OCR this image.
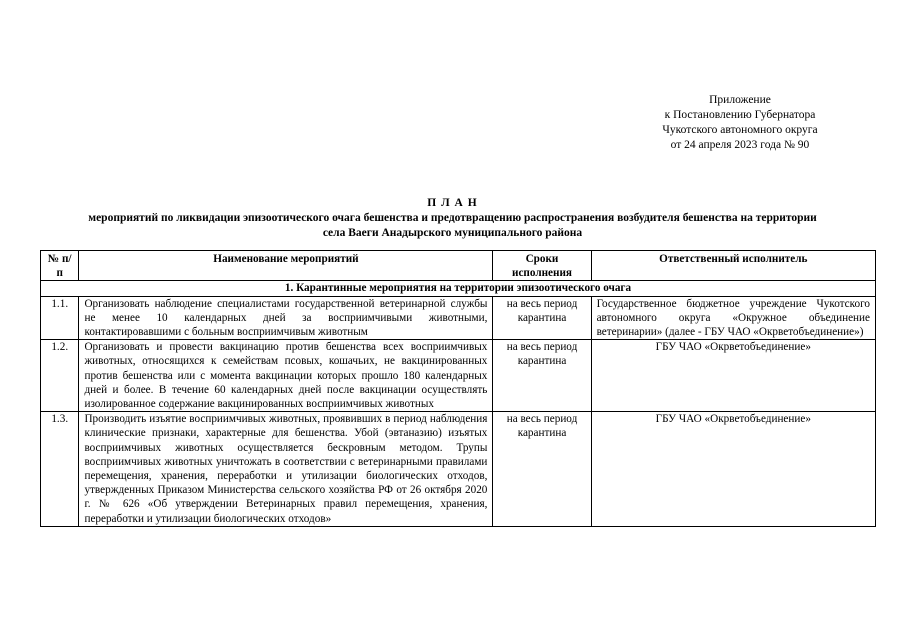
Приложение
к Постановлению Губернатора
Чукотского автономного округа
от 24 апреля 2023 года № 90
П Л А Н
мероприятий по ликвидации эпизоотического очага бешенства и предотвращению распространения возбудителя бешенства на территории
села Ваеги Анадырского муниципального района
№ п/п	Наименование мероприятий	Сроки исполнения	Ответственный исполнитель
1. Карантинные мероприятия на территории эпизоотического очага			
1.1.	Организовать наблюдение специалистами государственной ветеринарной службы не менее 10 календарных дней за восприимчивыми животными, контактировавшими с больным восприимчивым животным	на весь период карантина	Государственное бюджетное учреждение Чукотского автономного округа «Окружное объединение ветеринарии» (далее - ГБУ ЧАО «Окрветобъединение»)
1.2.	Организовать и провести вакцинацию против бешенства всех восприимчивых животных, относящихся к семействам псовых, кошачьих, не вакцинированных против бешенства или с момента вакцинации которых прошло 180 календарных дней и более. В течение 60 календарных дней после вакцинации осуществлять изолированное содержание вакцинированных восприимчивых животных	на весь период карантина	ГБУ ЧАО «Окрветобъединение»
1.3.	Производить изъятие восприимчивых животных, проявивших в период наблюдения клинические признаки, характерные для бешенства. Убой (эвтаназию) изъятых восприимчивых животных осуществляется бескровным методом. Трупы восприимчивых животных уничтожать в соответствии с ветеринарными правилами перемещения, хранения, переработки и утилизации биологических отходов, утвержденных Приказом Министерства сельского хозяйства РФ от 26 октября 2020 г. № 626 «Об утверждении Ветеринарных правил перемещения, хранения, переработки и утилизации биологических отходов»	на весь период карантина	ГБУ ЧАО «Окрветобъединение»
